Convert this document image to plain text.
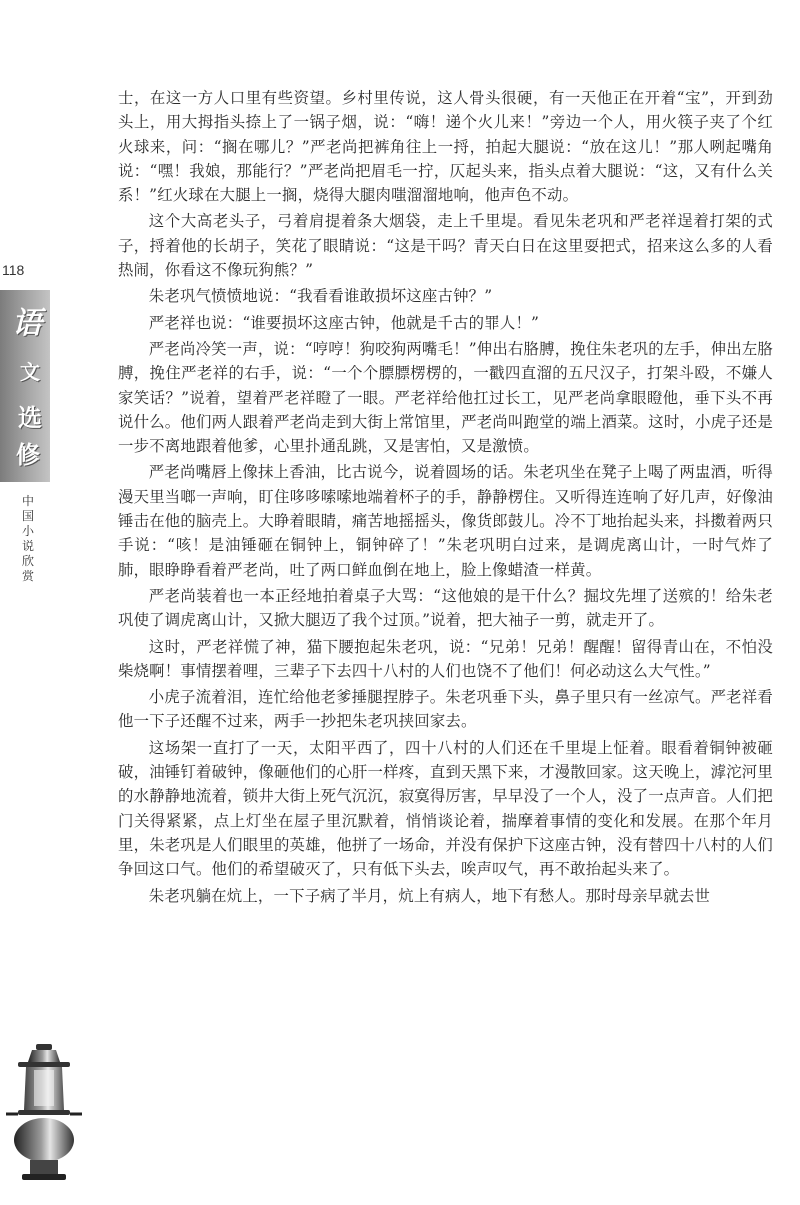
118
语
文
选
修
中国小说欣赏

士，在这一方人口里有些资望。乡村里传说，这人骨头很硬，有一天他正在开着“宝”，开到劲头上，用大拇指头捺上了一锅子烟，说：“嗨！递个火儿来！”旁边一个人，用火筷子夹了个红火球来，问：“搁在哪儿？”严老尚把裤角往上一捋，拍起大腿说：“放在这儿！”那人咧起嘴角说：“嘿！我娘，那能行？”严老尚把眉毛一拧，仄起头来，指头点着大腿说：“这，又有什么关系！”红火球在大腿上一搁，烧得大腿肉嗤溜溜地响，他声色不动。

这个大高老头子，弓着肩提着条大烟袋，走上千里堤。看见朱老巩和严老祥逞着打架的式子，捋着他的长胡子，笑花了眼睛说：“这是干吗？青天白日在这里耍把式，招来这么多的人看热闹，你看这不像玩狗熊？”

朱老巩气愤愤地说：“我看看谁敢损坏这座古钟？”

严老祥也说：“谁要损坏这座古钟，他就是千古的罪人！”

严老尚冷笑一声，说：“哼哼！狗咬狗两嘴毛！”伸出右胳膊，挽住朱老巩的左手，伸出左胳膊，挽住严老祥的右手，说：“一个个膘膘楞楞的，一戳四直溜的五尺汉子，打架斗殴，不嫌人家笑话？”说着，望着严老祥瞪了一眼。严老祥给他扛过长工，见严老尚拿眼瞪他，垂下头不再说什么。他们两人跟着严老尚走到大街上常馆里，严老尚叫跑堂的端上酒菜。这时，小虎子还是一步不离地跟着他爹，心里扑通乱跳，又是害怕，又是激愤。

严老尚嘴唇上像抹上香油，比古说今，说着圆场的话。朱老巩坐在凳子上喝了两盅酒，听得漫天里当啷一声响，盯住哆哆嗦嗦地端着杯子的手，静静楞住。又听得连连响了好几声，好像油锤击在他的脑壳上。大睁着眼睛，痛苦地摇摇头，像货郎鼓儿。冷不丁地抬起头来，抖擞着两只手说：“咳！是油锤砸在铜钟上，铜钟碎了！”朱老巩明白过来，是调虎离山计，一时气炸了肺，眼睁睁看着严老尚，吐了两口鲜血倒在地上，脸上像蜡渣一样黄。

严老尚装着也一本正经地拍着桌子大骂：“这他娘的是干什么？掘坟先埋了送殡的！给朱老巩使了调虎离山计，又掀大腿迈了我个过顶。”说着，把大袖子一剪，就走开了。

这时，严老祥慌了神，猫下腰抱起朱老巩，说：“兄弟！兄弟！醒醒！留得青山在，不怕没柴烧啊！事情摆着哩，三辈子下去四十八村的人们也饶不了他们！何必动这么大气性。”

小虎子流着泪，连忙给他老爹捶腿捏脖子。朱老巩垂下头，鼻子里只有一丝凉气。严老祥看他一下子还醒不过来，两手一抄把朱老巩挟回家去。

这场架一直打了一天，太阳平西了，四十八村的人们还在千里堤上怔着。眼看着铜钟被砸破，油锤钉着破钟，像砸他们的心肝一样疼，直到天黑下来，才漫散回家。这天晚上，滹沱河里的水静静地流着，锁井大街上死气沉沉，寂寞得厉害，早早没了一个人，没了一点声音。人们把门关得紧紧，点上灯坐在屋子里沉默着，悄悄谈论着，揣摩着事情的变化和发展。在那个年月里，朱老巩是人们眼里的英雄，他拼了一场命，并没有保护下这座古钟，没有替四十八村的人们争回这口气。他们的希望破灭了，只有低下头去，唉声叹气，再不敢抬起头来了。

朱老巩躺在炕上，一下子病了半月，炕上有病人，地下有愁人。那时母亲早就去世
